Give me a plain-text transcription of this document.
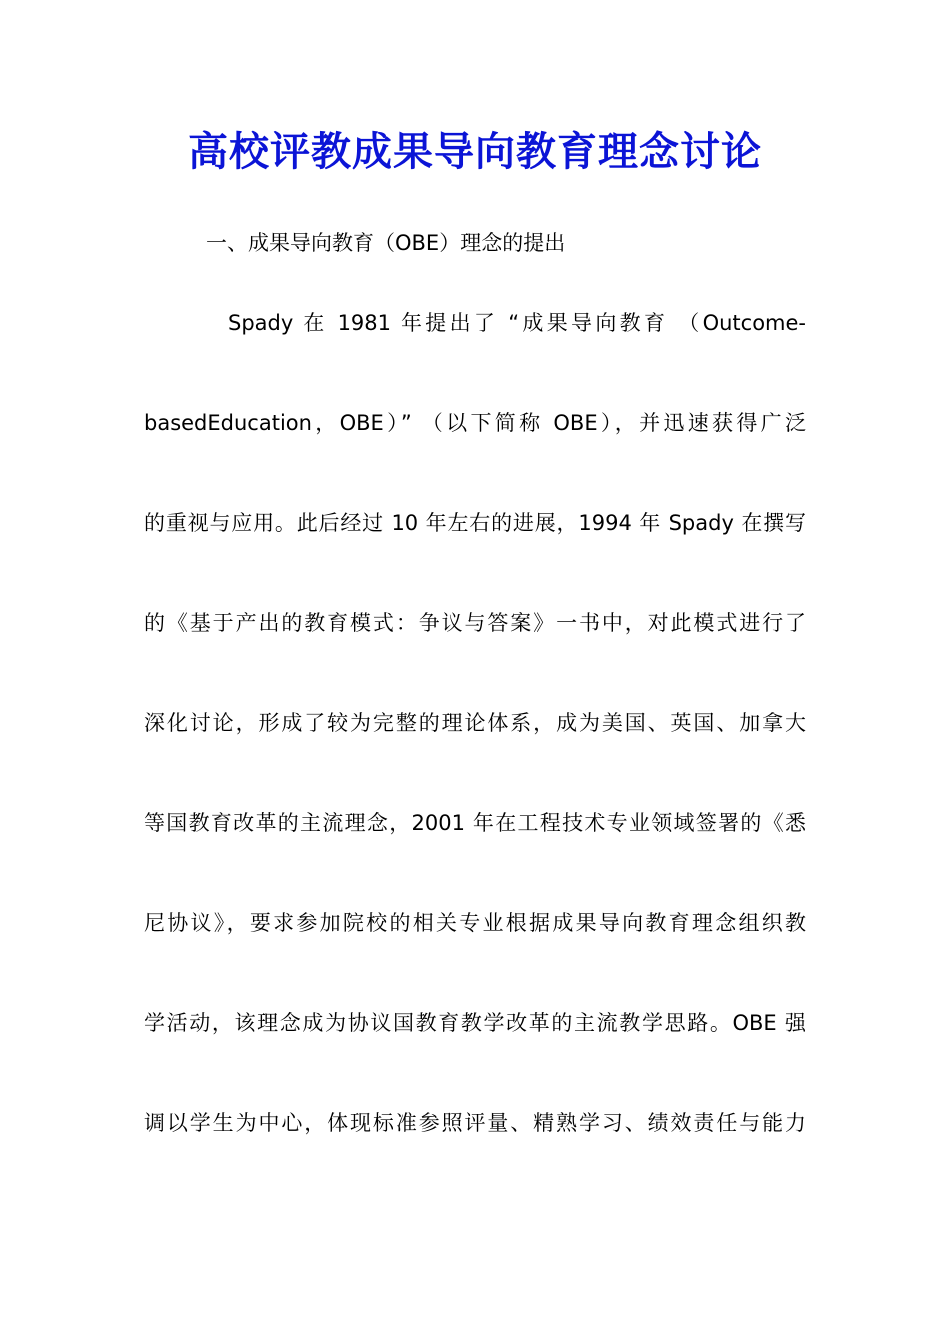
高校评教成果导向教育理念讨论
一、成果导向教育（OBE）理念的提出
Spady 在 1981 年提出了 “成果导向教育 （Outcome-
basedEducation，OBE）” （以下简称 OBE），并迅速获得广泛
的重视与应用。此后经过 10 年左右的进展，1994 年 Spady 在撰写
的《基于产出的教育模式：争议与答案》一书中，对此模式进行了
深化讨论，形成了较为完整的理论体系，成为美国、英国、加拿大
等国教育改革的主流理念，2001 年在工程技术专业领域签署的《悉
尼协议》，要求参加院校的相关专业根据成果导向教育理念组织教
学活动，该理念成为协议国教育教学改革的主流教学思路。OBE 强
调以学生为中心，体现标准参照评量、精熟学习、绩效责任与能力
